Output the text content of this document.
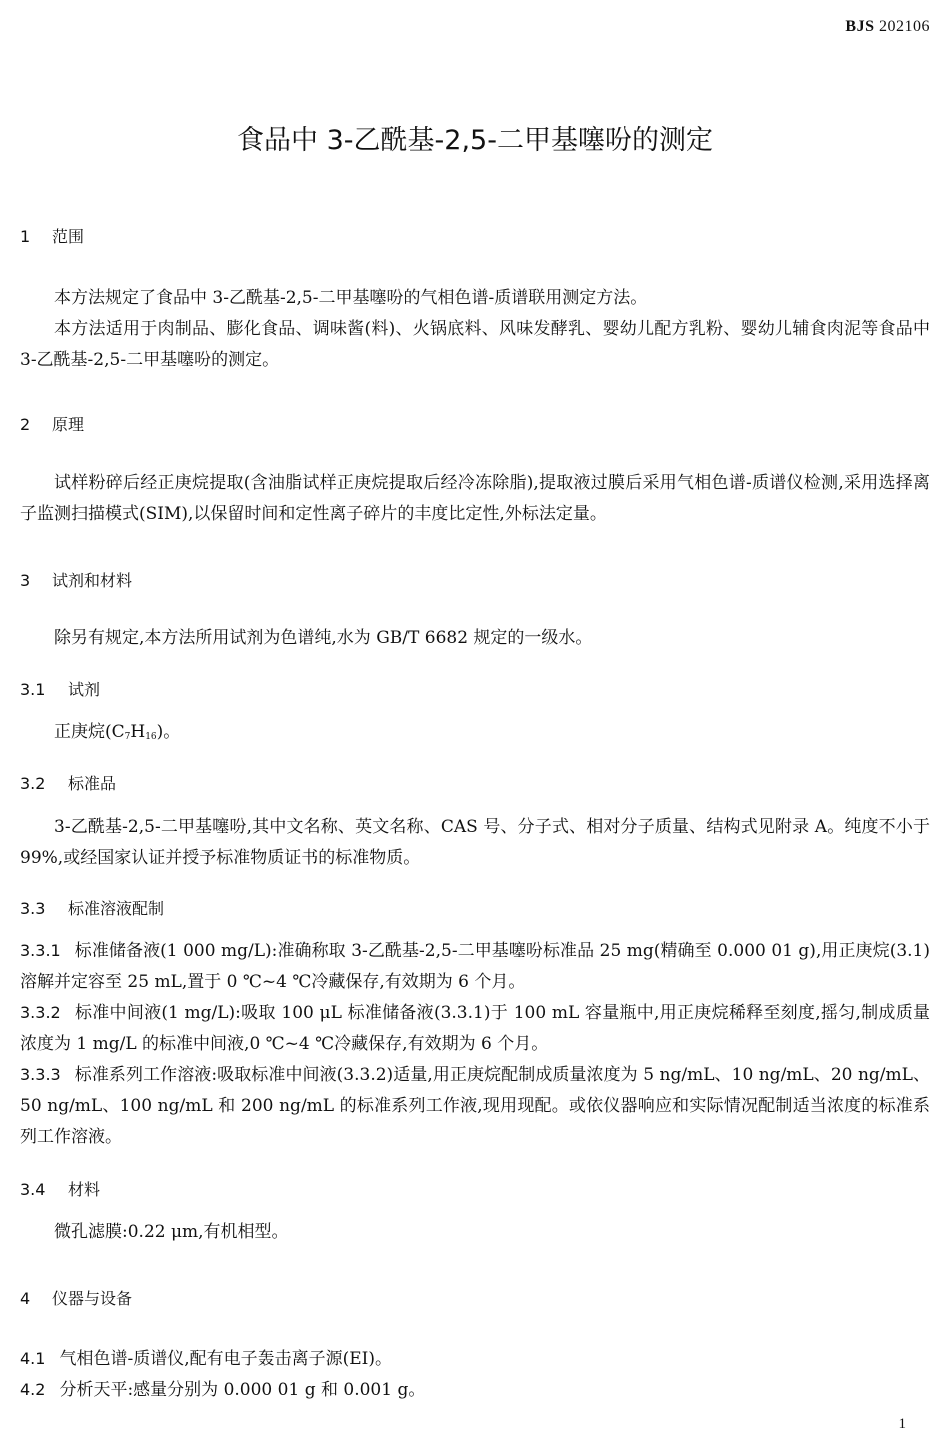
BJS 202106
食品中 3-乙酰基-2,5-二甲基噻吩的测定
1 范围
本方法规定了食品中 3-乙酰基-2,5-二甲基噻吩的气相色谱-质谱联用测定方法。
本方法适用于肉制品、膨化食品、调味酱(料)、火锅底料、风味发酵乳、婴幼儿配方乳粉、婴幼儿辅食肉泥等食品中 3-乙酰基-2,5-二甲基噻吩的测定。
2 原理
试样粉碎后经正庚烷提取(含油脂试样正庚烷提取后经冷冻除脂),提取液过膜后采用气相色谱-质谱仪检测,采用选择离子监测扫描模式(SIM),以保留时间和定性离子碎片的丰度比定性,外标法定量。
3 试剂和材料
除另有规定,本方法所用试剂为色谱纯,水为 GB/T 6682 规定的一级水。
3.1 试剂
正庚烷$(C_7H_{16})$。
3.2 标准品
3-乙酰基-2,5-二甲基噻吩,其中文名称、英文名称、CAS 号、分子式、相对分子质量、结构式见附录 A。纯度不小于 99%,或经国家认证并授予标准物质证书的标准物质。
3.3 标准溶液配制
3.3.1 标准储备液(1 000 mg/L):准确称取 3-乙酰基-2,5-二甲基噻吩标准品 25 mg(精确至 0.000 01 g),用正庚烷(3.1)溶解并定容至 25 mL,置于 0 ℃~4 ℃冷藏保存,有效期为 6 个月。
3.3.2 标准中间液(1 mg/L):吸取 100 μL 标准储备液(3.3.1)于 100 mL 容量瓶中,用正庚烷稀释至刻度,摇匀,制成质量浓度为 1 mg/L 的标准中间液,0 ℃~4 ℃冷藏保存,有效期为 6 个月。
3.3.3 标准系列工作溶液:吸取标准中间液(3.3.2)适量,用正庚烷配制成质量浓度为 5 ng/mL、10 ng/mL、20 ng/mL、50 ng/mL、100 ng/mL 和 200 ng/mL 的标准系列工作液,现用现配。或依仪器响应和实际情况配制适当浓度的标准系列工作溶液。
3.4 材料
微孔滤膜:0.22 μm,有机相型。
4 仪器与设备
4.1 气相色谱-质谱仪,配有电子轰击离子源(EI)。
4.2 分析天平:感量分别为 0.000 01 g 和 0.001 g。
1
